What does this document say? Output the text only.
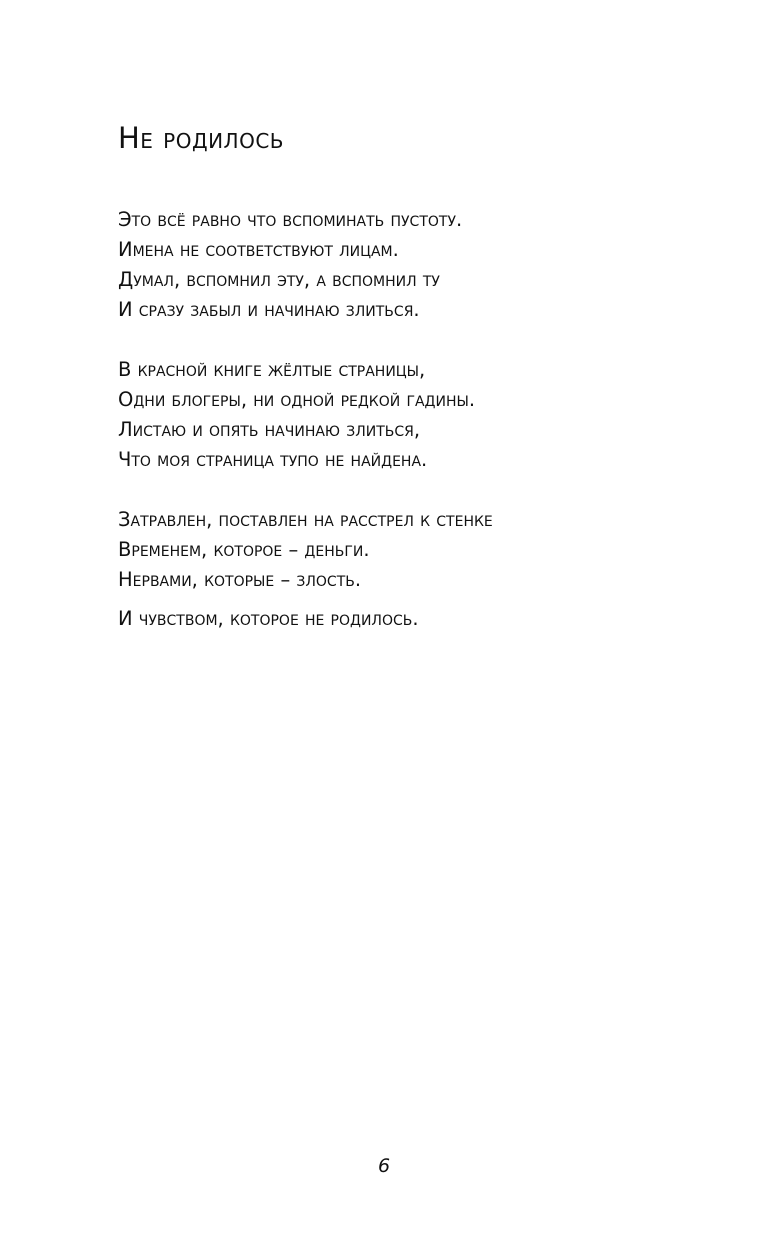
Не родилось

Это всё равно что вспоминать пустоту.

Имена не соответствуют лицам.

Думал, вспомнил эту, а вспомнил ту

И сразу забыл и начинаю злиться.

В красной книге жёлтые страницы,

Одни блогеры, ни одной редкой гадины.

Листаю и опять начинаю злиться,

Что моя страница тупо не найдена.

Затравлен, поставлен на расстрел к стенке

Временем, которое – деньги.

Нервами, которые – злость.

И чувством, которое не родилось.

6
